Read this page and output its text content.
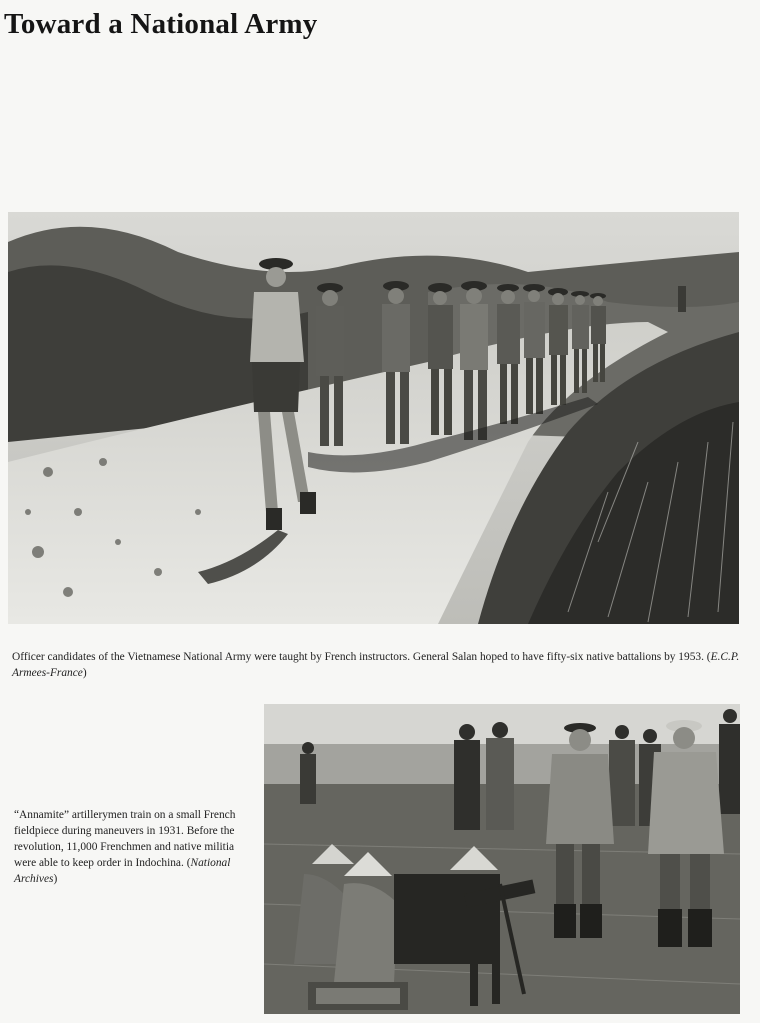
Toward a National Army

Officer candidates of the Vietnamese National Army were taught by French instructors. General Salan hoped to have fifty-six native battalions by 1953. (E.C.P. Armees-France)

“Annamite” artillerymen train on a small French fieldpiece during maneuvers in 1931. Before the revolution, 11,000 Frenchmen and native militia were able to keep order in Indochina. (National Archives)
